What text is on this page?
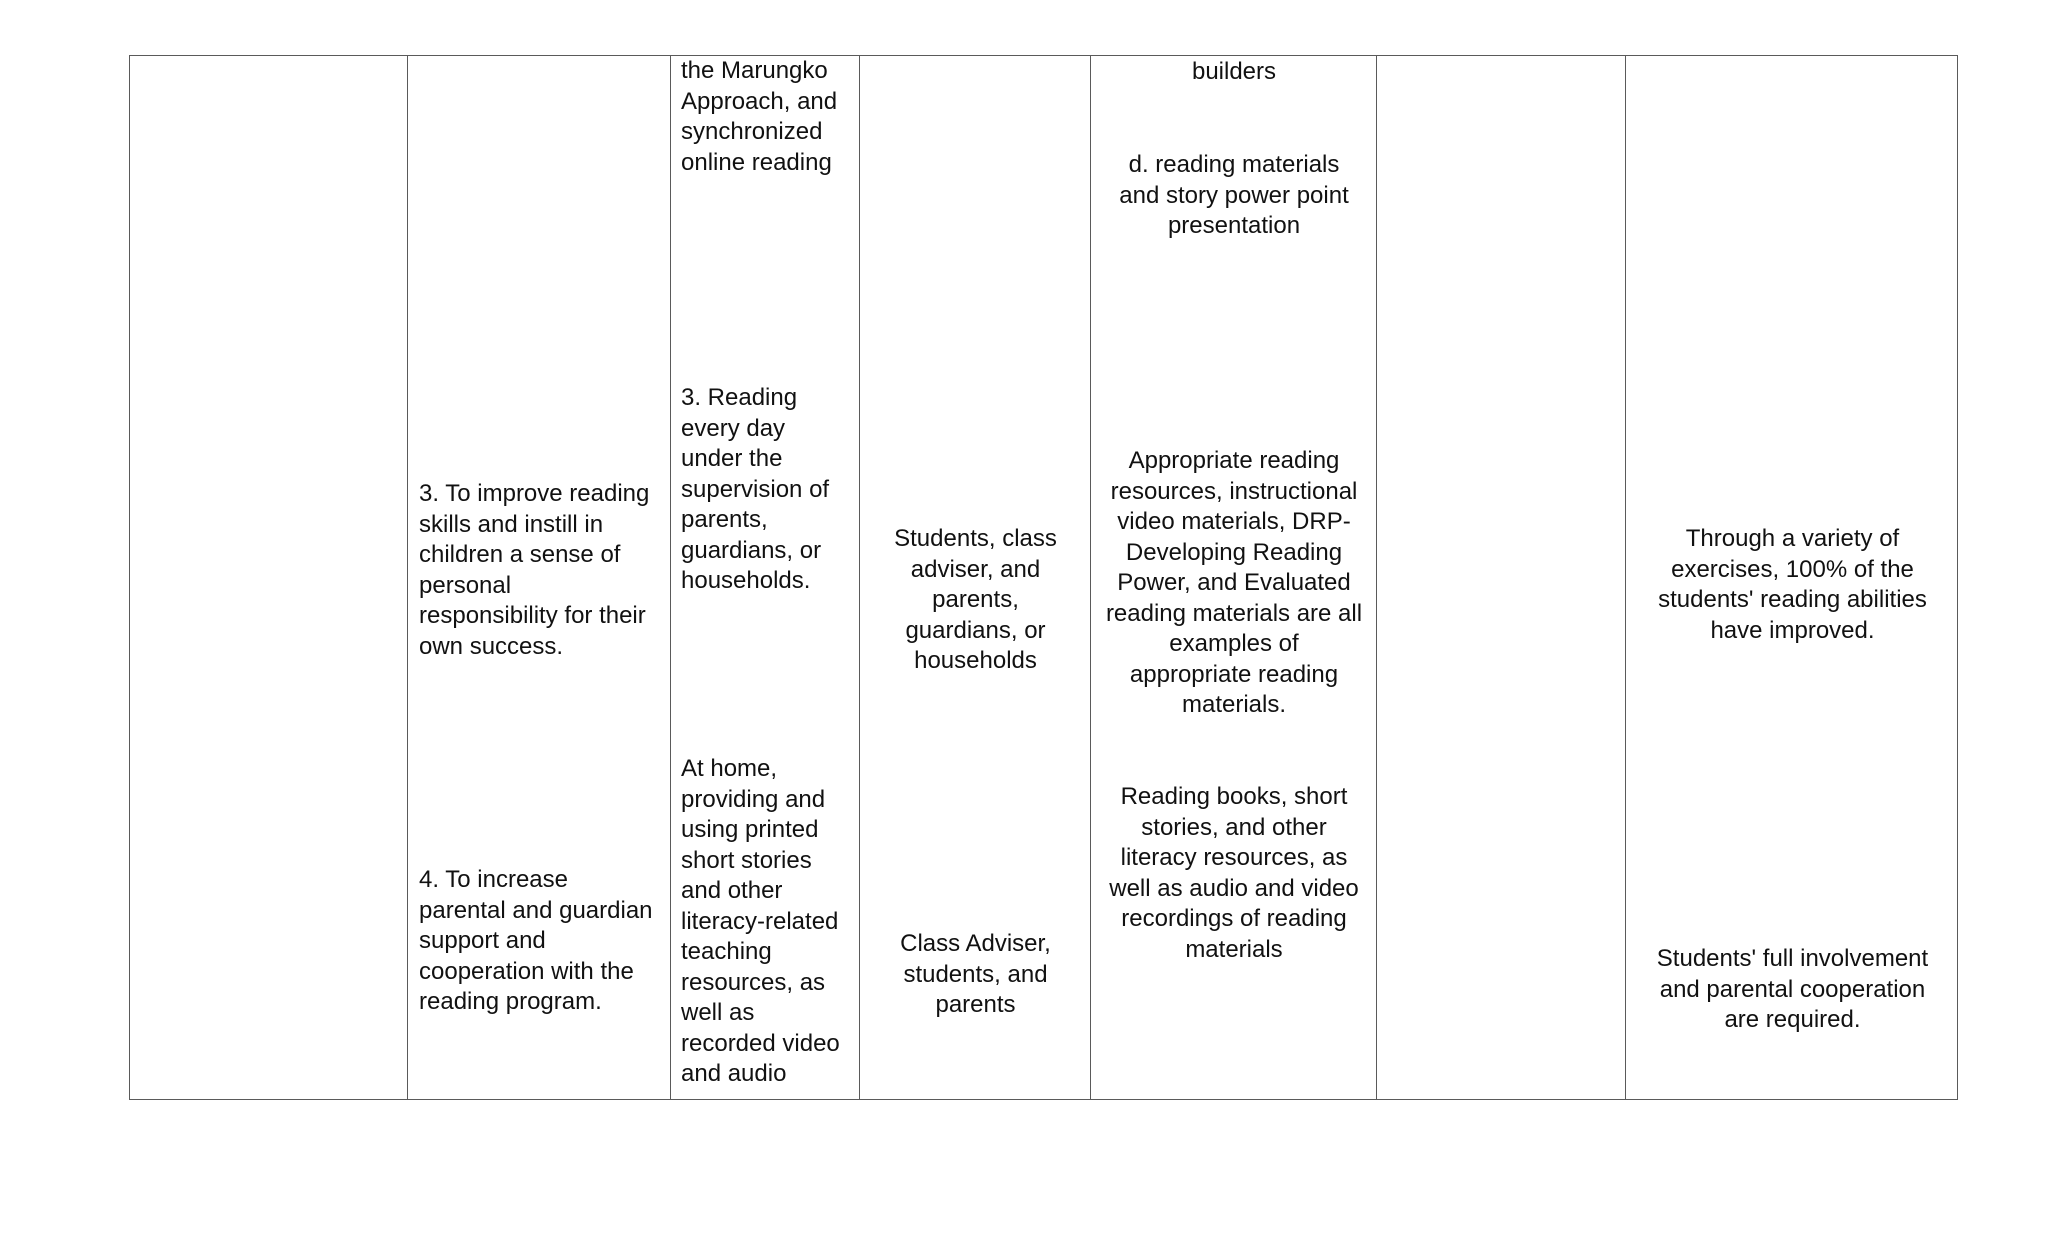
the Marungko
Approach, and
synchronized
online reading
builders
d. reading materials
and story power point
presentation
3. To improve reading
skills and instill in
children a sense of
personal
responsibility for their
own success.
3. Reading
every day
under the
supervision of
parents,
guardians, or
households.
Students, class
adviser, and
parents,
guardians, or
households
Appropriate reading
resources, instructional
video materials, DRP-
Developing Reading
Power, and Evaluated
reading materials are all
examples of
appropriate reading
materials.
Through a variety of
exercises, 100% of the
students' reading abilities
have improved.
4. To increase
parental and guardian
support and
cooperation with the
reading program.
At home,
providing and
using printed
short stories
and other
literacy-related
teaching
resources, as
well as
recorded video
and audio
Class Adviser,
students, and
parents
Reading books, short
stories, and other
literacy resources, as
well as audio and video
recordings of reading
materials	Students' full involvement
and parental cooperation
are required.
